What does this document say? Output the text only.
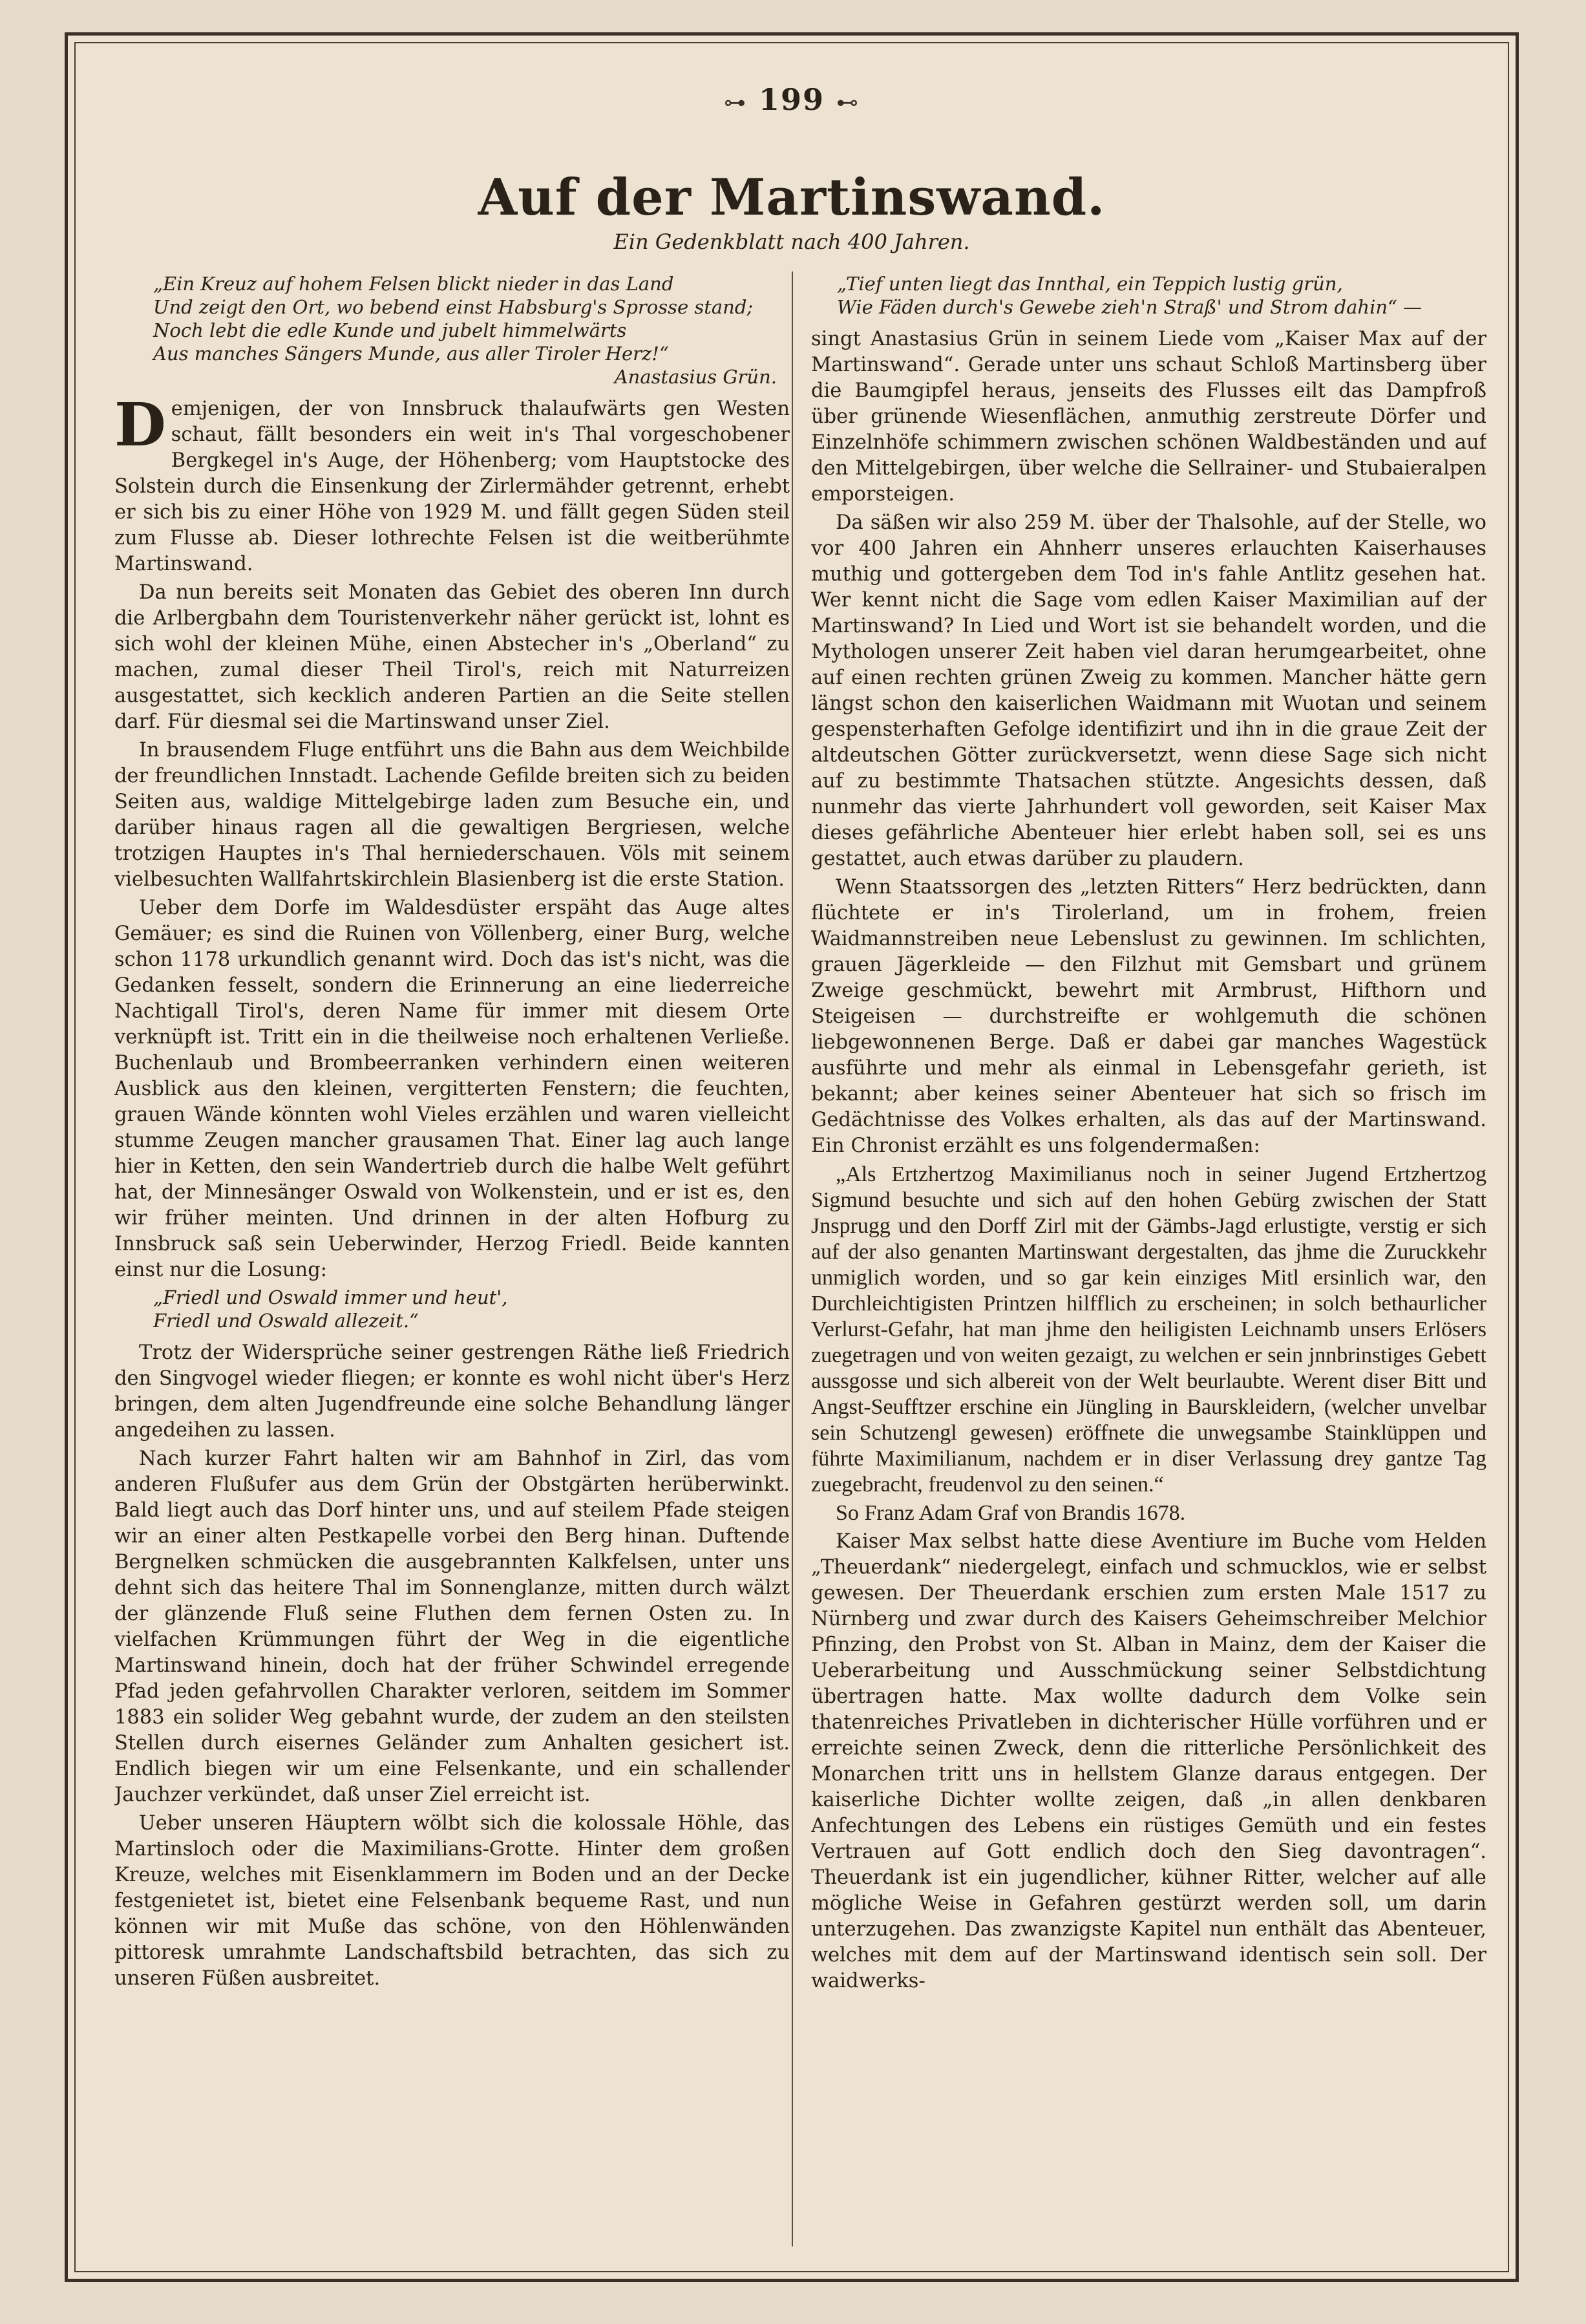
⊶ 199 ⊷
Auf der Martinswand.
Ein Gedenkblatt nach 400 Jahren.
„Ein Kreuz auf hohem Felsen blickt nieder in das Land
Und zeigt den Ort, wo bebend einst Habsburg's Sprosse stand;
Noch lebt die edle Kunde und jubelt himmelwärts
Aus manches Sängers Munde, aus aller Tiroler Herz!“
Anastasius Grün.

Demjenigen, der von Innsbruck thalaufwärts gen Westen schaut, fällt besonders ein weit in's Thal vorgeschobener Bergkegel in's Auge, der Höhenberg; vom Hauptstocke des Solstein durch die Einsenkung der Zirlermähder getrennt, erhebt er sich bis zu einer Höhe von 1929 M. und fällt gegen Süden steil zum Flusse ab. Dieser lothrechte Felsen ist die weitberühmte Martinswand.

Da nun bereits seit Monaten das Gebiet des oberen Inn durch die Arlbergbahn dem Touristenverkehr näher gerückt ist, lohnt es sich wohl der kleinen Mühe, einen Abstecher in's „Oberland“ zu machen, zumal dieser Theil Tirol's, reich mit Naturreizen ausgestattet, sich kecklich anderen Partien an die Seite stellen darf. Für diesmal sei die Martinswand unser Ziel.

In brausendem Fluge entführt uns die Bahn aus dem Weichbilde der freundlichen Innstadt. Lachende Gefilde breiten sich zu beiden Seiten aus, waldige Mittelgebirge laden zum Besuche ein, und darüber hinaus ragen all die gewaltigen Bergriesen, welche trotzigen Hauptes in's Thal herniederschauen. Völs mit seinem vielbesuchten Wallfahrtskirchlein Blasienberg ist die erste Station.

Ueber dem Dorfe im Waldesdüster erspäht das Auge altes Gemäuer; es sind die Ruinen von Völlenberg, einer Burg, welche schon 1178 urkundlich genannt wird. Doch das ist's nicht, was die Gedanken fesselt, sondern die Erinnerung an eine liederreiche Nachtigall Tirol's, deren Name für immer mit diesem Orte verknüpft ist. Tritt ein in die theilweise noch erhaltenen Verließe. Buchenlaub und Brombeerranken verhindern einen weiteren Ausblick aus den kleinen, vergitterten Fenstern; die feuchten, grauen Wände könnten wohl Vieles erzählen und waren vielleicht stumme Zeugen mancher grausamen That. Einer lag auch lange hier in Ketten, den sein Wandertrieb durch die halbe Welt geführt hat, der Minnesänger Oswald von Wolkenstein, und er ist es, den wir früher meinten. Und drinnen in der alten Hofburg zu Innsbruck saß sein Ueberwinder, Herzog Friedl. Beide kannten einst nur die Losung:

„Friedl und Oswald immer und heut',
Friedl und Oswald allezeit.“

Trotz der Widersprüche seiner gestrengen Räthe ließ Friedrich den Singvogel wieder fliegen; er konnte es wohl nicht über's Herz bringen, dem alten Jugendfreunde eine solche Behandlung länger angedeihen zu lassen.

Nach kurzer Fahrt halten wir am Bahnhof in Zirl, das vom anderen Flußufer aus dem Grün der Obstgärten herüberwinkt. Bald liegt auch das Dorf hinter uns, und auf steilem Pfade steigen wir an einer alten Pestkapelle vorbei den Berg hinan. Duftende Bergnelken schmücken die ausgebrannten Kalkfelsen, unter uns dehnt sich das heitere Thal im Sonnenglanze, mitten durch wälzt der glänzende Fluß seine Fluthen dem fernen Osten zu. In vielfachen Krümmungen führt der Weg in die eigentliche Martinswand hinein, doch hat der früher Schwindel erregende Pfad jeden gefahrvollen Charakter verloren, seitdem im Sommer 1883 ein solider Weg gebahnt wurde, der zudem an den steilsten Stellen durch eisernes Geländer zum Anhalten gesichert ist. Endlich biegen wir um eine Felsenkante, und ein schallender Jauchzer verkündet, daß unser Ziel erreicht ist.

Ueber unseren Häuptern wölbt sich die kolossale Höhle, das Martinsloch oder die Maximilians-Grotte. Hinter dem großen Kreuze, welches mit Eisenklammern im Boden und an der Decke festgenietet ist, bietet eine Felsenbank bequeme Rast, und nun können wir mit Muße das schöne, von den Höhlenwänden pittoresk umrahmte Landschaftsbild betrachten, das sich zu unseren Füßen ausbreitet.

„Tief unten liegt das Innthal, ein Teppich lustig grün,
Wie Fäden durch's Gewebe zieh'n Straß' und Strom dahin“ —

singt Anastasius Grün in seinem Liede vom „Kaiser Max auf der Martinswand“. Gerade unter uns schaut Schloß Martinsberg über die Baumgipfel heraus, jenseits des Flusses eilt das Dampfroß über grünende Wiesenflächen, anmuthig zerstreute Dörfer und Einzelnhöfe schimmern zwischen schönen Waldbeständen und auf den Mittelgebirgen, über welche die Sellrainer- und Stubaieralpen emporsteigen.

Da säßen wir also 259 M. über der Thalsohle, auf der Stelle, wo vor 400 Jahren ein Ahnherr unseres erlauchten Kaiserhauses muthig und gottergeben dem Tod in's fahle Antlitz gesehen hat. Wer kennt nicht die Sage vom edlen Kaiser Maximilian auf der Martinswand? In Lied und Wort ist sie behandelt worden, und die Mythologen unserer Zeit haben viel daran herumgearbeitet, ohne auf einen rechten grünen Zweig zu kommen. Mancher hätte gern längst schon den kaiserlichen Waidmann mit Wuotan und seinem gespensterhaften Gefolge identifizirt und ihn in die graue Zeit der altdeutschen Götter zurückversetzt, wenn diese Sage sich nicht auf zu bestimmte Thatsachen stützte. Angesichts dessen, daß nunmehr das vierte Jahrhundert voll geworden, seit Kaiser Max dieses gefährliche Abenteuer hier erlebt haben soll, sei es uns gestattet, auch etwas darüber zu plaudern.

Wenn Staatssorgen des „letzten Ritters“ Herz bedrückten, dann flüchtete er in's Tirolerland, um in frohem, freien Waidmannstreiben neue Lebenslust zu gewinnen. Im schlichten, grauen Jägerkleide — den Filzhut mit Gemsbart und grünem Zweige geschmückt, bewehrt mit Armbrust, Hifthorn und Steigeisen — durchstreifte er wohlgemuth die schönen liebgewonnenen Berge. Daß er dabei gar manches Wagestück ausführte und mehr als einmal in Lebensgefahr gerieth, ist bekannt; aber keines seiner Abenteuer hat sich so frisch im Gedächtnisse des Volkes erhalten, als das auf der Martinswand. Ein Chronist erzählt es uns folgendermaßen:

„Als Ertzhertzog Maximilianus noch in seiner Jugend Ertzhertzog Sigmund besuchte und sich auf den hohen Gebürg zwischen der Statt Jnsprugg und den Dorff Zirl mit der Gämbs-Jagd erlustigte, verstig er sich auf der also genanten Martinswant dergestalten, das jhme die Zuruckkehr unmiglich worden, und so gar kein einziges Mitl ersinlich war, den Durchleichtigisten Printzen hilfflich zu erscheinen; in solch bethaurlicher Verlurst-Gefahr, hat man jhme den heiligisten Leichnamb unsers Erlösers zuegetragen und von weiten gezaigt, zu welchen er sein jnnbrinstiges Gebett aussgosse und sich albereit von der Welt beurlaubte. Werent diser Bitt und Angst-Seufftzer erschine ein Jüngling in Baurskleidern, (welcher unvelbar sein Schutzengl gewesen) eröffnete die unwegsambe Stainklüppen und führte Maximilianum, nachdem er in diser Verlassung drey gantze Tag zuegebracht, freudenvol zu den seinen.“

So Franz Adam Graf von Brandis 1678.

Kaiser Max selbst hatte diese Aventiure im Buche vom Helden „Theuerdank“ niedergelegt, einfach und schmucklos, wie er selbst gewesen. Der Theuerdank erschien zum ersten Male 1517 zu Nürnberg und zwar durch des Kaisers Geheimschreiber Melchior Pfinzing, den Probst von St. Alban in Mainz, dem der Kaiser die Ueberarbeitung und Ausschmückung seiner Selbstdichtung übertragen hatte. Max wollte dadurch dem Volke sein thatenreiches Privatleben in dichterischer Hülle vorführen und er erreichte seinen Zweck, denn die ritterliche Persönlichkeit des Monarchen tritt uns in hellstem Glanze daraus entgegen. Der kaiserliche Dichter wollte zeigen, daß „in allen denkbaren Anfechtungen des Lebens ein rüstiges Gemüth und ein festes Vertrauen auf Gott endlich doch den Sieg davontragen“. Theuerdank ist ein jugendlicher, kühner Ritter, welcher auf alle mögliche Weise in Gefahren gestürzt werden soll, um darin unterzugehen. Das zwanzigste Kapitel nun enthält das Abenteuer, welches mit dem auf der Martinswand identisch sein soll. Der waidwerks-
